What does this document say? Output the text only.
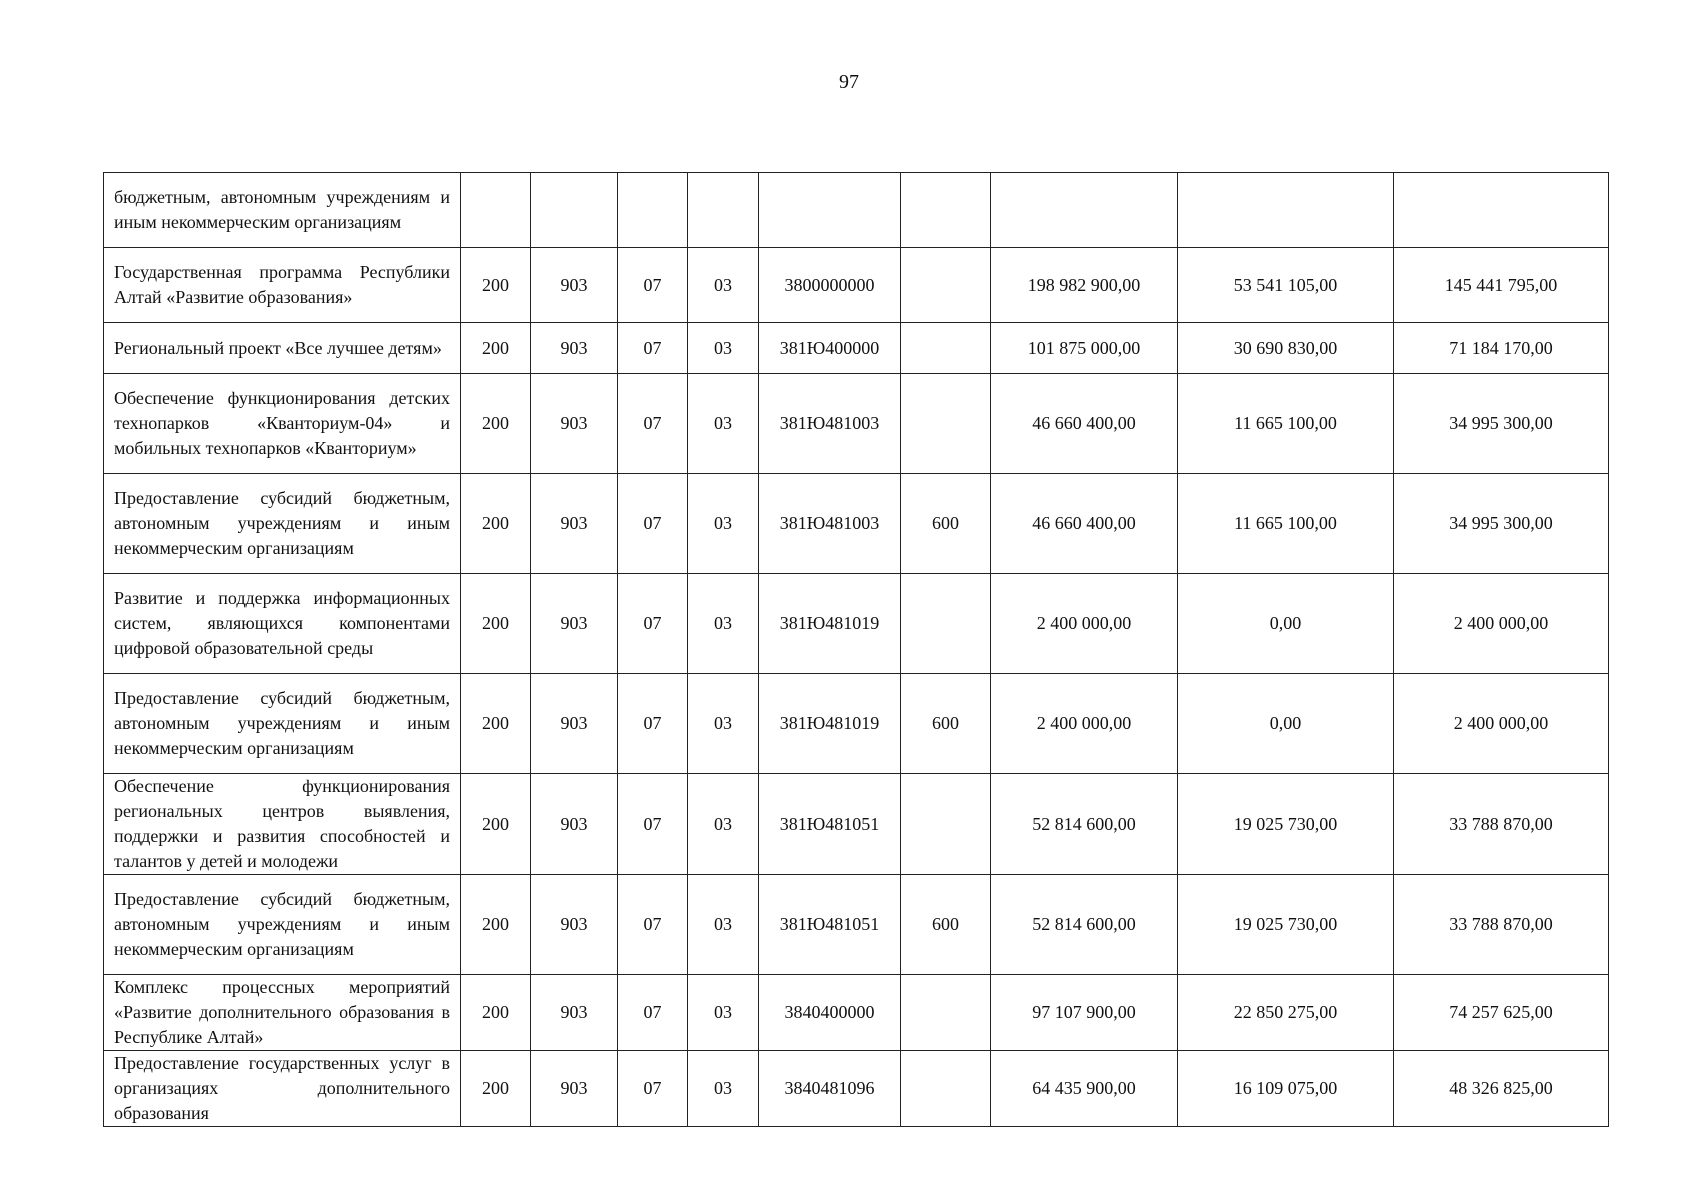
97
бюджетным, автономным учреждениям и иным некоммерческим организациям									
Государственная программа Республики Алтай «Развитие образования»	200	903	07	03	3800000000		198 982 900,00	53 541 105,00	145 441 795,00
Региональный проект «Все лучшее детям»	200	903	07	03	381Ю400000		101 875 000,00	30 690 830,00	71 184 170,00
Обеспечение функционирования детских технопарков «Кванториум-04» и мобильных технопарков «Кванториум»	200	903	07	03	381Ю481003		46 660 400,00	11 665 100,00	34 995 300,00
Предоставление субсидий бюджетным, автономным учреждениям и иным некоммерческим организациям	200	903	07	03	381Ю481003	600	46 660 400,00	11 665 100,00	34 995 300,00
Развитие и поддержка информационных систем, являющихся компонентами цифровой образовательной среды	200	903	07	03	381Ю481019		2 400 000,00	0,00	2 400 000,00
Предоставление субсидий бюджетным, автономным учреждениям и иным некоммерческим организациям	200	903	07	03	381Ю481019	600	2 400 000,00	0,00	2 400 000,00
Обеспечение функционирования региональных центров выявления, поддержки и развития способностей и талантов у детей и молодежи	200	903	07	03	381Ю481051		52 814 600,00	19 025 730,00	33 788 870,00
Предоставление субсидий бюджетным, автономным учреждениям и иным некоммерческим организациям	200	903	07	03	381Ю481051	600	52 814 600,00	19 025 730,00	33 788 870,00
Комплекс процессных мероприятий «Развитие дополнительного образования в Республике Алтай»	200	903	07	03	3840400000		97 107 900,00	22 850 275,00	74 257 625,00
Предоставление государственных услуг в организациях дополнительного образования	200	903	07	03	3840481096		64 435 900,00	16 109 075,00	48 326 825,00
